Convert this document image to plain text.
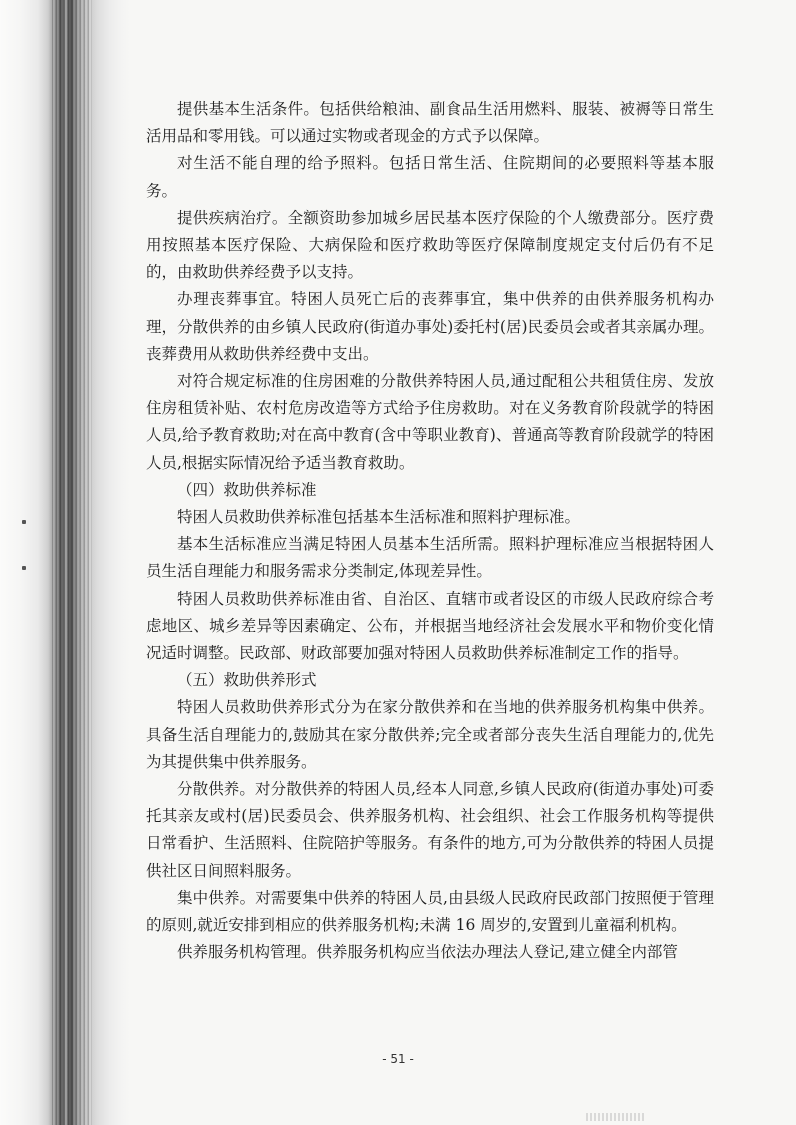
提供基本生活条件。包括供给粮油、副食品生活用燃料、服装、被褥等日常生活用品和零用钱。可以通过实物或者现金的方式予以保障。

对生活不能自理的给予照料。包括日常生活、住院期间的必要照料等基本服务。

提供疾病治疗。全额资助参加城乡居民基本医疗保险的个人缴费部分。医疗费用按照基本医疗保险、大病保险和医疗救助等医疗保障制度规定支付后仍有不足的，由救助供养经费予以支持。

办理丧葬事宜。特困人员死亡后的丧葬事宜，集中供养的由供养服务机构办理，分散供养的由乡镇人民政府(街道办事处)委托村(居)民委员会或者其亲属办理。丧葬费用从救助供养经费中支出。

对符合规定标准的住房困难的分散供养特困人员,通过配租公共租赁住房、发放住房租赁补贴、农村危房改造等方式给予住房救助。对在义务教育阶段就学的特困人员,给予教育救助;对在高中教育(含中等职业教育)、普通高等教育阶段就学的特困人员,根据实际情况给予适当教育救助。

（四）救助供养标准

特困人员救助供养标准包括基本生活标准和照料护理标准。

基本生活标准应当满足特困人员基本生活所需。照料护理标准应当根据特困人员生活自理能力和服务需求分类制定,体现差异性。

特困人员救助供养标准由省、自治区、直辖市或者设区的市级人民政府综合考虑地区、城乡差异等因素确定、公布，并根据当地经济社会发展水平和物价变化情况适时调整。民政部、财政部要加强对特困人员救助供养标准制定工作的指导。

（五）救助供养形式

特困人员救助供养形式分为在家分散供养和在当地的供养服务机构集中供养。具备生活自理能力的,鼓励其在家分散供养;完全或者部分丧失生活自理能力的,优先为其提供集中供养服务。

分散供养。对分散供养的特困人员,经本人同意,乡镇人民政府(街道办事处)可委托其亲友或村(居)民委员会、供养服务机构、社会组织、社会工作服务机构等提供日常看护、生活照料、住院陪护等服务。有条件的地方,可为分散供养的特困人员提供社区日间照料服务。

集中供养。对需要集中供养的特困人员,由县级人民政府民政部门按照便于管理的原则,就近安排到相应的供养服务机构;未满 16 周岁的,安置到儿童福利机构。

供养服务机构管理。供养服务机构应当依法办理法人登记,建立健全内部管

- 51 -
